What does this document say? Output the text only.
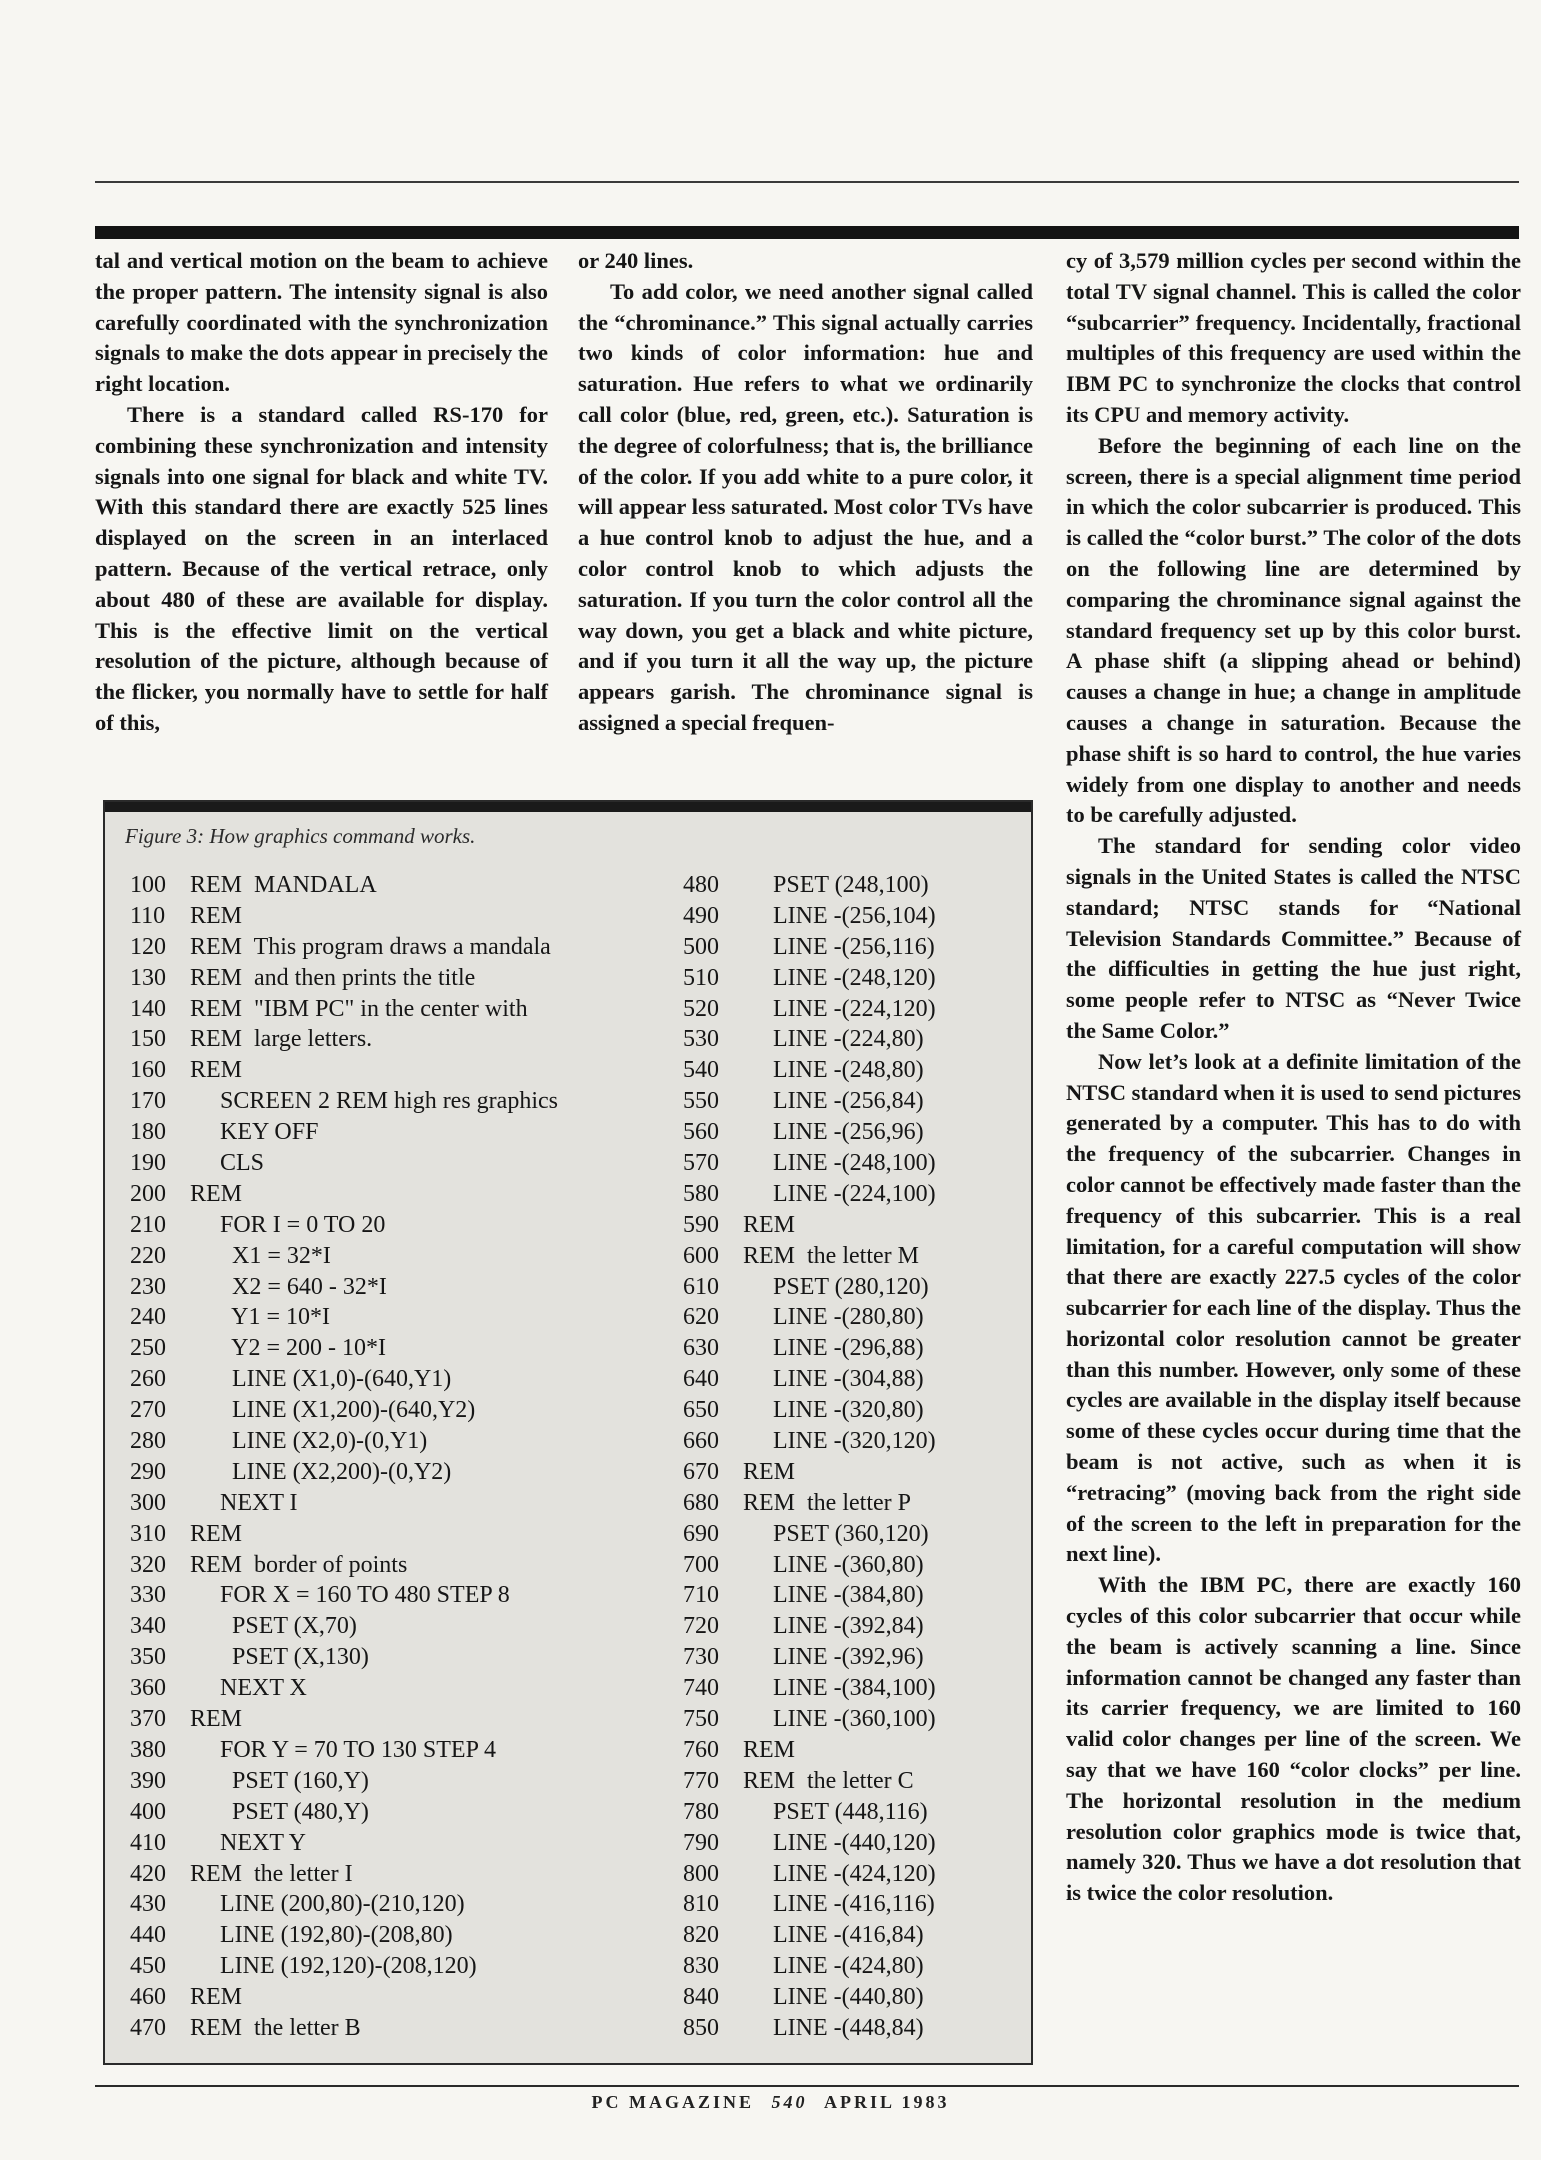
tal and vertical motion on the beam to achieve the proper pattern. The intensity signal is also carefully coordinated with the synchronization signals to make the dots appear in precisely the right location.

There is a standard called RS-170 for combining these synchronization and intensity signals into one signal for black and white TV. With this standard there are exactly 525 lines displayed on the screen in an interlaced pattern. Because of the vertical retrace, only about 480 of these are available for display. This is the effective limit on the vertical resolution of the picture, although because of the flicker, you normally have to settle for half of this,

or 240 lines.

To add color, we need another signal called the “chrominance.” This signal actually carries two kinds of color information: hue and saturation. Hue refers to what we ordinarily call color (blue, red, green, etc.). Saturation is the degree of colorfulness; that is, the brilliance of the color. If you add white to a pure color, it will appear less saturated. Most color TVs have a hue control knob to adjust the hue, and a color control knob to which adjusts the saturation. If you turn the color control all the way down, you get a black and white picture, and if you turn it all the way up, the picture appears garish. The chrominance signal is assigned a special frequen-

cy of 3,579 million cycles per second within the total TV signal channel. This is called the color “subcarrier” frequency. Incidentally, fractional multiples of this frequency are used within the IBM PC to synchronize the clocks that control its CPU and memory activity.

Before the beginning of each line on the screen, there is a special alignment time period in which the color subcarrier is produced. This is called the “color burst.” The color of the dots on the following line are determined by comparing the chrominance signal against the standard frequency set up by this color burst. A phase shift (a slipping ahead or behind) causes a change in hue; a change in amplitude causes a change in saturation. Because the phase shift is so hard to control, the hue varies widely from one display to another and needs to be carefully adjusted.

The standard for sending color video signals in the United States is called the NTSC standard; NTSC stands for “National Television Standards Committee.” Because of the difficulties in getting the hue just right, some people refer to NTSC as “Never Twice the Same Color.”

Now let’s look at a definite limitation of the NTSC standard when it is used to send pictures generated by a computer. This has to do with the frequency of the subcarrier. Changes in color cannot be effectively made faster than the frequency of this subcarrier. This is a real limitation, for a careful computation will show that there are exactly 227.5 cycles of the color subcarrier for each line of the display. Thus the horizontal color resolution cannot be greater than this number. However, only some of these cycles are available in the display itself because some of these cycles occur during time that the beam is not active, such as when it is “retracing” (moving back from the right side of the screen to the left in preparation for the next line).

With the IBM PC, there are exactly 160 cycles of this color subcarrier that occur while the beam is actively scanning a line. Since information cannot be changed any faster than its carrier frequency, we are limited to 160 valid color changes per line of the screen. We say that we have 160 “color clocks” per line. The horizontal resolution in the medium resolution color graphics mode is twice that, namely 320. Thus we have a dot resolution that is twice the color resolution.

Figure 3: How graphics command works.
100 REM  MANDALA
110 REM
120 REM  This program draws a mandala
130 REM  and then prints the title
140 REM  "IBM PC" in the center with
150 REM  large letters.
160 REM
170     SCREEN 2 REM high res graphics
180     KEY OFF
190     CLS
200 REM
210     FOR I = 0 TO 20
220       X1 = 32*I
230       X2 = 640 - 32*I
240       Y1 = 10*I
250       Y2 = 200 - 10*I
260       LINE (X1,0)-(640,Y1)
270       LINE (X1,200)-(640,Y2)
280       LINE (X2,0)-(0,Y1)
290       LINE (X2,200)-(0,Y2)
300     NEXT I
310 REM
320 REM  border of points
330     FOR X = 160 TO 480 STEP 8
340       PSET (X,70)
350       PSET (X,130)
360     NEXT X
370 REM
380     FOR Y = 70 TO 130 STEP 4
390       PSET (160,Y)
400       PSET (480,Y)
410     NEXT Y
420 REM  the letter I
430     LINE (200,80)-(210,120)
440     LINE (192,80)-(208,80)
450     LINE (192,120)-(208,120)
460 REM
470 REM  the letter B
480     PSET (248,100)
490     LINE -(256,104)
500     LINE -(256,116)
510     LINE -(248,120)
520     LINE -(224,120)
530     LINE -(224,80)
540     LINE -(248,80)
550     LINE -(256,84)
560     LINE -(256,96)
570     LINE -(248,100)
580     LINE -(224,100)
590 REM
600 REM  the letter M
610     PSET (280,120)
620     LINE -(280,80)
630     LINE -(296,88)
640     LINE -(304,88)
650     LINE -(320,80)
660     LINE -(320,120)
670 REM
680 REM  the letter P
690     PSET (360,120)
700     LINE -(360,80)
710     LINE -(384,80)
720     LINE -(392,84)
730     LINE -(392,96)
740     LINE -(384,100)
750     LINE -(360,100)
760 REM
770 REM  the letter C
780     PSET (448,116)
790     LINE -(440,120)
800     LINE -(424,120)
810     LINE -(416,116)
820     LINE -(416,84)
830     LINE -(424,80)
840     LINE -(440,80)
850     LINE -(448,84)
PC MAGAZINE 540 APRIL 1983
